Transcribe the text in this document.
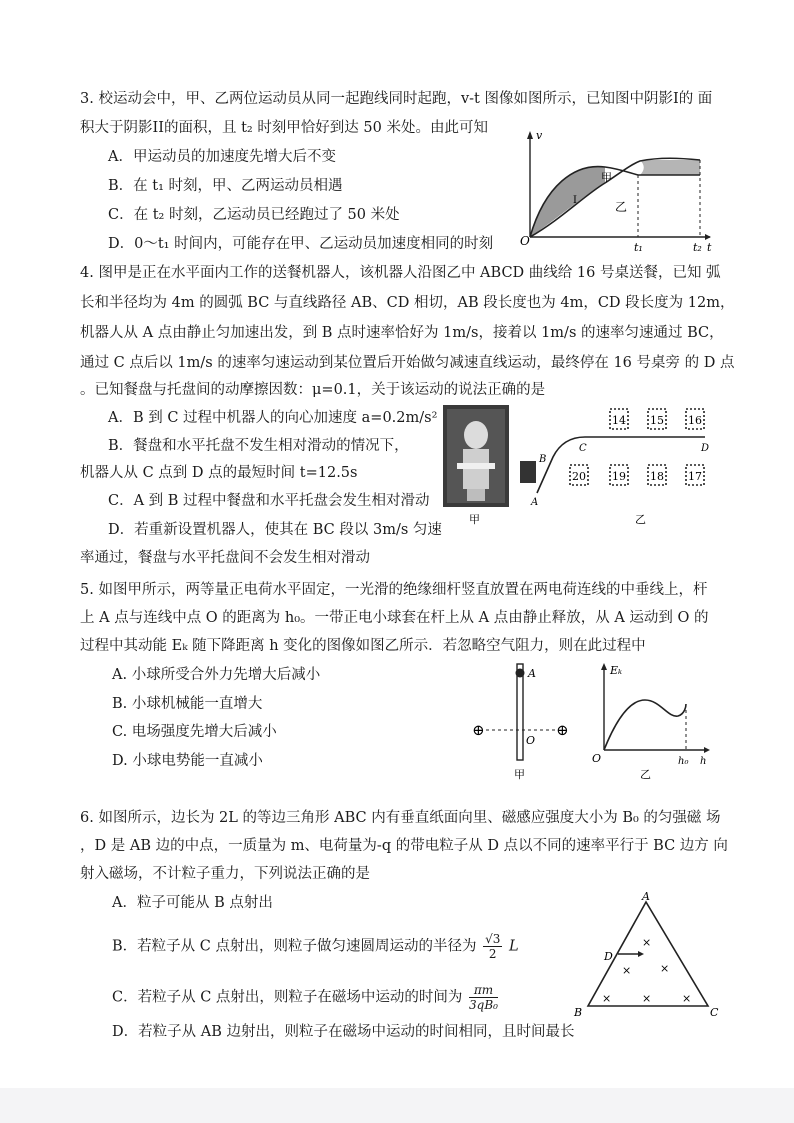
3. 校运动会中，甲、乙两位运动员从同一起跑线同时起跑，v-t 图像如图所示，已知图中阴影I的 面
积大于阴影II的面积，且 t₂ 时刻甲恰好到达 50 米处。由此可知
A．甲运动员的加速度先增大后不变
B．在 t₁ 时刻，甲、乙两运动员相遇
C．在 t₂ 时刻，乙运动员已经跑过了 50 米处
D．0～t₁ 时间内，可能存在甲、乙运动员加速度相同的时刻 O
v
t
t₁	t₂
甲
乙
I
4. 图甲是正在水平面内工作的送餐机器人，该机器人沿图乙中 ABCD 曲线给 16 号桌送餐，已知 弧
长和半径均为 4m 的圆弧 BC 与直线路径 AB、CD 相切，AB 段长度也为 4m，CD 段长度为 12m，
机器人从 A 点由静止匀加速出发，到 B 点时速率恰好为 1m/s，接着以 1m/s 的速率匀速通过 BC，
通过 C 点后以 1m/s 的速率匀速运动到某位置后开始做匀减速直线运动，最终停在 16 号桌旁 的 D 点
。已知餐盘与托盘间的动摩擦因数：μ=0.1，关于该运动的说法正确的是
A．B 到 C 过程中机器人的向心加速度 a=0.2m/s²
B．餐盘和水平托盘不发生相对滑动的情况下，
机器人从 C 点到 D 点的最短时间 t=12.5s
C．A 到 B 过程中餐盘和水平托盘会发生相对滑动
D．若重新设置机器人，使其在 BC 段以 3m/s 匀速
率通过，餐盘与水平托盘间不会发生相对滑动
甲
14 15 16
20 19 18 17
A
B
C	D
乙
5. 如图甲所示，两等量正电荷水平固定，一光滑的绝缘细杆竖直放置在两电荷连线的中垂线上，杆
上 A 点与连线中点 O 的距离为 h₀。一带正电小球套在杆上从 A 点由静止释放，从 A 运动到 O 的
过程中其动能 Eₖ 随下降距离 h 变化的图像如图乙所示．若忽略空气阻力，则在此过程中
A. 小球所受合外力先增大后减小
B. 小球机械能一直增大
C. 电场强度先增大后减小
D. 小球电势能一直减小
⊕	⊕
A
O
甲
O
Eₖ
h₀ h
乙
6. 如图所示，边长为 2L 的等边三角形 ABC 内有垂直纸面向里、磁感应强度大小为 B₀ 的匀强磁 场
，D 是 AB 边的中点，一质量为 m、电荷量为-q 的带电粒子从 D 点以不同的速率平行于 BC 边方 向
射入磁场，不计粒子重力，下列说法正确的是
A．粒子可能从 B 点射出
B．若粒子从 C 点射出，则粒子做匀速圆周运动的半径为 $\frac{√3}{2}$ L
C．若粒子从 C 点射出，则粒子在磁场中运动的时间为 $\frac{\pi m}{\text{3qB₀}}$
D．若粒子从 AB 边射出，则粒子在磁场中运动的时间相同，且时间最长
A
B	C
D
×
×	×
×	×	×
